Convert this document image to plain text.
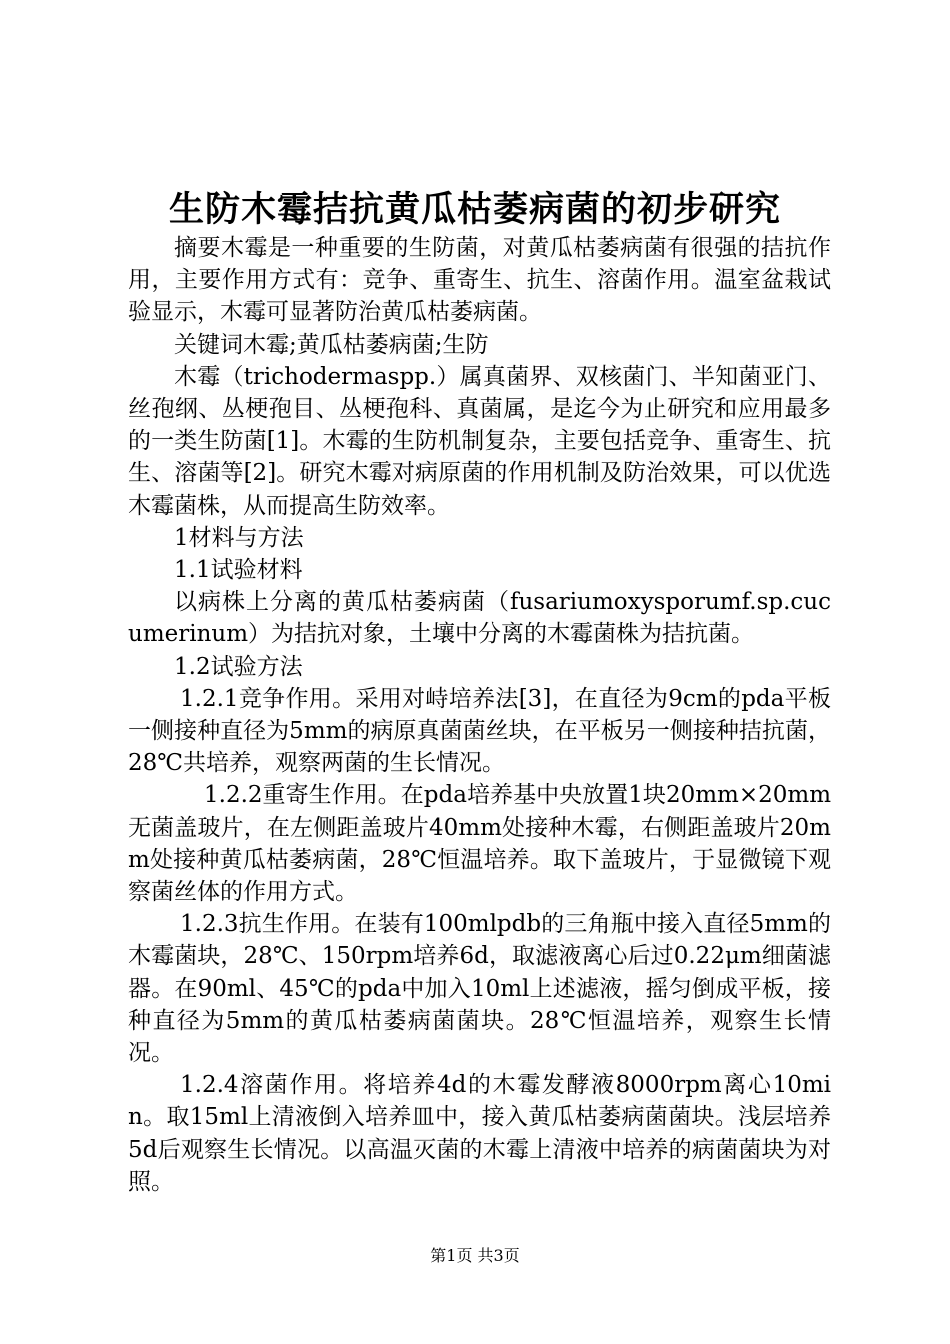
生防木霉拮抗黄瓜枯萎病菌的初步研究

摘要木霉是一种重要的生防菌，对黄瓜枯萎病菌有很强的拮抗作用，主要作用方式有：竞争、重寄生、抗生、溶菌作用。温室盆栽试验显示，木霉可显著防治黄瓜枯萎病菌。

关键词木霉;黄瓜枯萎病菌;生防

木霉（trichodermaspp.）属真菌界、双核菌门、半知菌亚门、丝孢纲、丛梗孢目、丛梗孢科、真菌属，是迄今为止研究和应用最多的一类生防菌[1]。木霉的生防机制复杂，主要包括竞争、重寄生、抗生、溶菌等[2]。研究木霉对病原菌的作用机制及防治效果，可以优选木霉菌株，从而提高生防效率。

1材料与方法

1.1试验材料

以病株上分离的黄瓜枯萎病菌（fusariumoxysporumf.sp.cucumerinum）为拮抗对象，土壤中分离的木霉菌株为拮抗菌。

1.2试验方法

1.2.1竞争作用。采用对峙培养法[3]，在直径为9cm的pda平板一侧接种直径为5mm的病原真菌菌丝块，在平板另一侧接种拮抗菌，28℃共培养，观察两菌的生长情况。

1.2.2重寄生作用。在pda培养基中央放置1块20mm×20mm无菌盖玻片，在左侧距盖玻片40mm处接种木霉，右侧距盖玻片20mm处接种黄瓜枯萎病菌，28℃恒温培养。取下盖玻片，于显微镜下观察菌丝体的作用方式。

1.2.3抗生作用。在装有100mlpdb的三角瓶中接入直径5mm的木霉菌块，28℃、150rpm培养6d，取滤液离心后过0.22μm细菌滤器。在90ml、45℃的pda中加入10ml上述滤液，摇匀倒成平板，接种直径为5mm的黄瓜枯萎病菌菌块。28℃恒温培养，观察生长情况。

1.2.4溶菌作用。将培养4d的木霉发酵液8000rpm离心10min。取15ml上清液倒入培养皿中，接入黄瓜枯萎病菌菌块。浅层培养5d后观察生长情况。以高温灭菌的木霉上清液中培养的病菌菌块为对照。

第1页 共3页
